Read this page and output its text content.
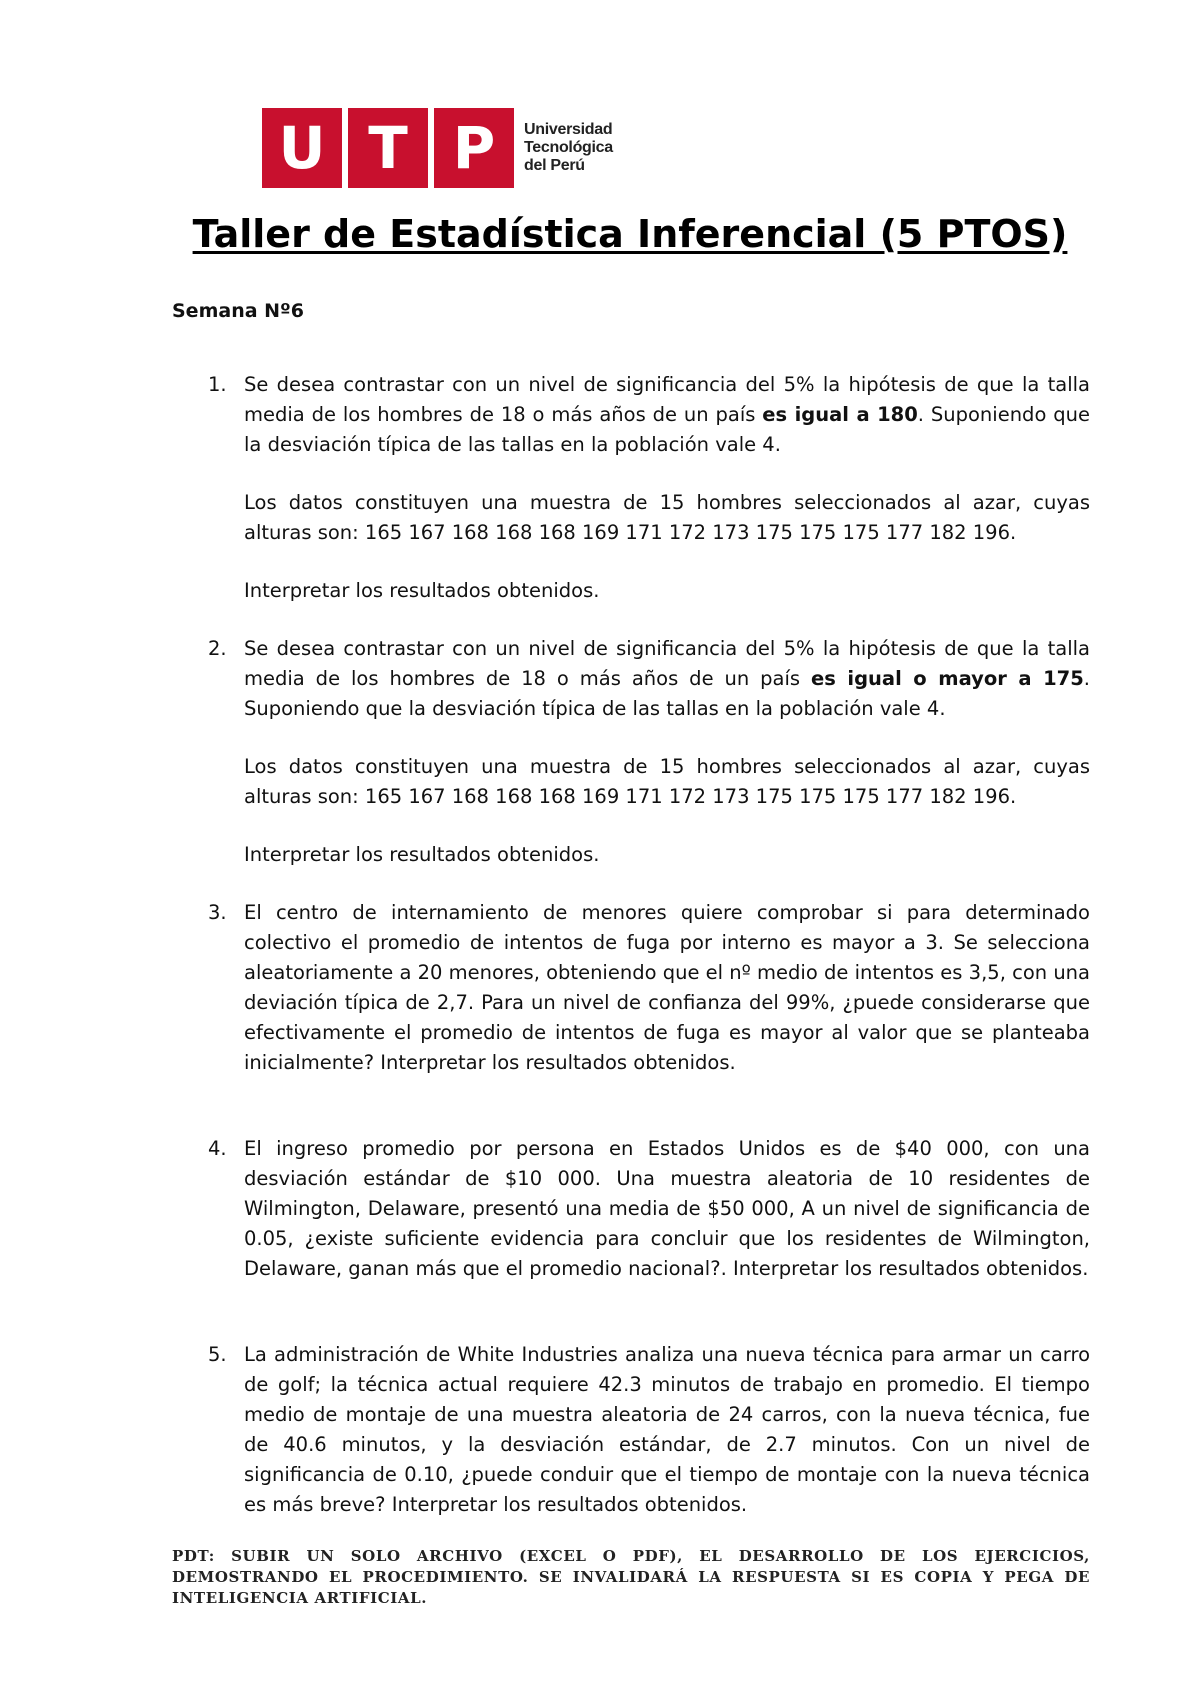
U T P	Universidad
Tecnológica
del Perú
Taller de Estadística Inferencial (5 PTOS)
Semana Nº6
1. Se desea contrastar con un nivel de significancia del 5% la hipótesis de que la talla media de los hombres de 18 o más años de un país es igual a 180. Suponiendo que la desviación típica de las tallas en la población vale 4.

Los datos constituyen una muestra de 15 hombres seleccionados al azar, cuyas alturas son: 165 167 168 168 168 169 171 172 173 175 175 175 177 182 196.

Interpretar los resultados obtenidos.

2. Se desea contrastar con un nivel de significancia del 5% la hipótesis de que la talla media de los hombres de 18 o más años de un país es igual o mayor a 175. Suponiendo que la desviación típica de las tallas en la población vale 4.

Los datos constituyen una muestra de 15 hombres seleccionados al azar, cuyas alturas son: 165 167 168 168 168 169 171 172 173 175 175 175 177 182 196.

Interpretar los resultados obtenidos.

3. El centro de internamiento de menores quiere comprobar si para determinado colectivo el promedio de intentos de fuga por interno es mayor a 3. Se selecciona aleatoriamente a 20 menores, obteniendo que el nº medio de intentos es 3,5, con una deviación típica de 2,7. Para un nivel de confianza del 99%, ¿puede considerarse que efectivamente el promedio de intentos de fuga es mayor al valor que se planteaba inicialmente? Interpretar los resultados obtenidos.

4. El ingreso promedio por persona en Estados Unidos es de $40 000, con una desviación estándar de $10 000. Una muestra aleatoria de 10 residentes de Wilmington, Delaware, presentó una media de $50 000, A un nivel de significancia de 0.05, ¿existe suficiente evidencia para concluir que los residentes de Wilmington, Delaware, ganan más que el promedio nacional?. Interpretar los resultados obtenidos.

5. La administración de White Industries analiza una nueva técnica para armar un carro de golf; la técnica actual requiere 42.3 minutos de trabajo en promedio. El tiempo medio de montaje de una muestra aleatoria de 24 carros, con la nueva técnica, fue de 40.6 minutos, y la desviación estándar, de 2.7 minutos. Con un nivel de significancia de 0.10, ¿puede conduir que el tiempo de montaje con la nueva técnica es más breve? Interpretar los resultados obtenidos.

PDT: SUBIR UN SOLO ARCHIVO (EXCEL O PDF), EL DESARROLLO DE LOS EJERCICIOS, DEMOSTRANDO EL PROCEDIMIENTO. SE INVALIDARÁ LA RESPUESTA SI ES COPIA Y PEGA DE INTELIGENCIA ARTIFICIAL.
